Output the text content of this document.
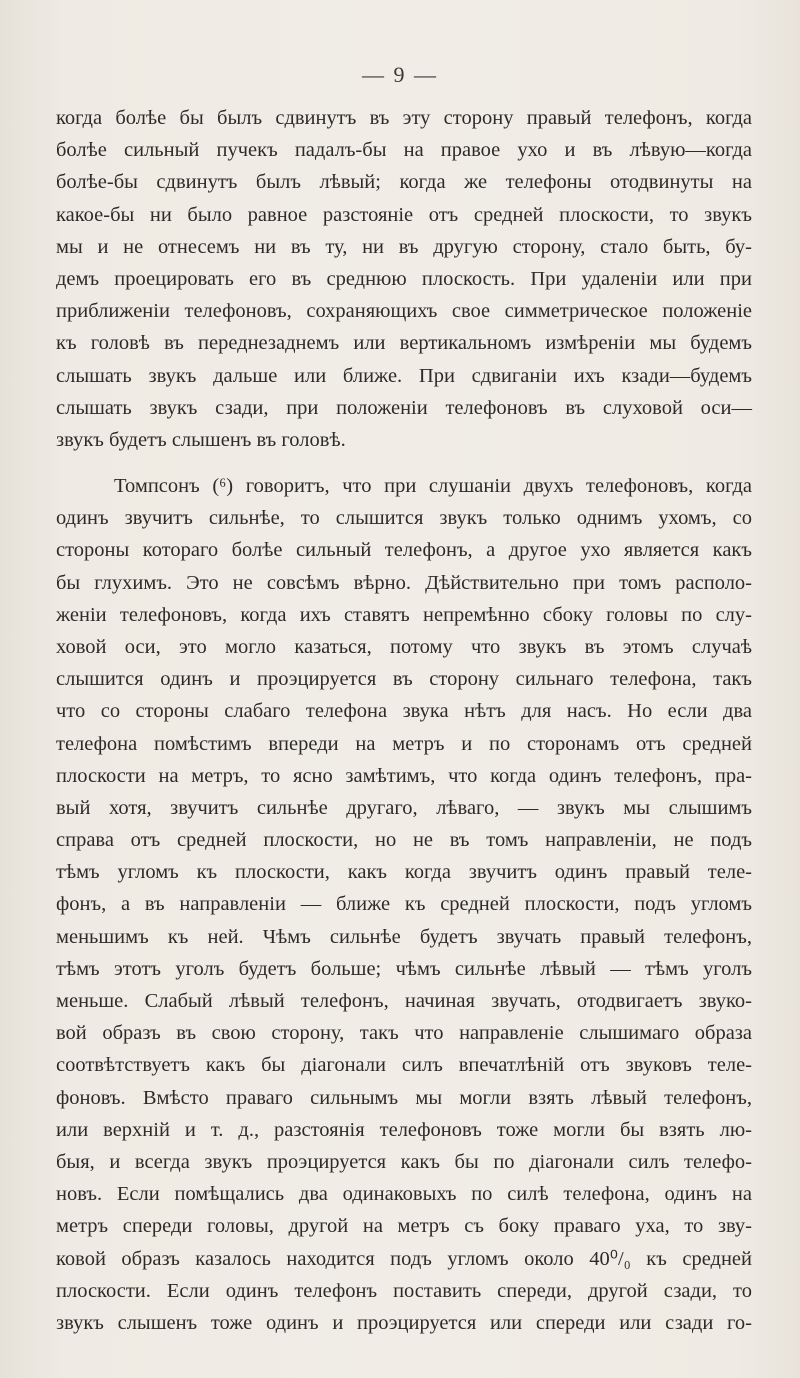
— 9 —
когда болѣе бы былъ сдвинутъ въ эту сторону правый телефонъ, когда
болѣе сильный пучекъ падалъ-бы на правое ухо и въ лѣвую—когда
болѣе-бы сдвинутъ былъ лѣвый; когда же телефоны отодвинуты на
какое-бы ни было равное разстояніе отъ средней плоскости, то звукъ
мы и не отнесемъ ни въ ту, ни въ другую сторону, стало быть, бу-
демъ проецировать его въ среднюю плоскость. При удаленіи или при
приближеніи телефоновъ, сохраняющихъ свое симметрическое положеніе
къ головѣ въ переднезаднемъ или вертикальномъ измѣреніи мы будемъ
слышать звукъ дальше или ближе. При сдвиганіи ихъ кзади—будемъ
слышать звукъ сзади, при положеніи телефоновъ въ слуховой оси—
звукъ будетъ слышенъ въ головѣ.
Томпсонъ (⁶) говоритъ, что при слушаніи двухъ телефоновъ, когда
одинъ звучитъ сильнѣе, то слышится звукъ только однимъ ухомъ, со
стороны котораго болѣе сильный телефонъ, а другое ухо является какъ
бы глухимъ. Это не совсѣмъ вѣрно. Дѣйствительно при томъ располо-
женіи телефоновъ, когда ихъ ставятъ непремѣнно сбоку головы по слу-
ховой оси, это могло казаться, потому что звукъ въ этомъ случаѣ
слышится одинъ и проэцируется въ сторону сильнаго телефона, такъ
что со стороны слабаго телефона звука нѣтъ для насъ. Но если два
телефона помѣстимъ впереди на метръ и по сторонамъ отъ средней
плоскости на метръ, то ясно замѣтимъ, что когда одинъ телефонъ, пра-
вый хотя, звучитъ сильнѣе другаго, лѣваго, — звукъ мы слышимъ
справа отъ средней плоскости, но не въ томъ направленіи, не подъ
тѣмъ угломъ къ плоскости, какъ когда звучитъ одинъ правый теле-
фонъ, а въ направленіи — ближе къ средней плоскости, подъ угломъ
меньшимъ къ ней. Чѣмъ сильнѣе будетъ звучать правый телефонъ,
тѣмъ этотъ уголъ будетъ больше; чѣмъ сильнѣе лѣвый — тѣмъ уголъ
меньше. Слабый лѣвый телефонъ, начиная звучать, отодвигаетъ звуко-
вой образъ въ свою сторону, такъ что направленіе слышимаго образа
соотвѣтствуетъ какъ бы діагонали силъ впечатлѣній отъ звуковъ теле-
фоновъ. Вмѣсто праваго сильнымъ мы могли взять лѣвый телефонъ,
или верхній и т. д., разстоянія телефоновъ тоже могли бы взять лю-
быя, и всегда звукъ проэцируется какъ бы по діагонали силъ телефо-
новъ. Если помѣщались два одинаковыхъ по силѣ телефона, одинъ на
метръ спереди головы, другой на метръ съ боку праваго уха, то зву-
ковой образъ казалось находится подъ угломъ около 40⁰/₀ къ средней
плоскости. Если одинъ телефонъ поставить спереди, другой сзади, то
звукъ слышенъ тоже одинъ и проэцируется или спереди или сзади го-
